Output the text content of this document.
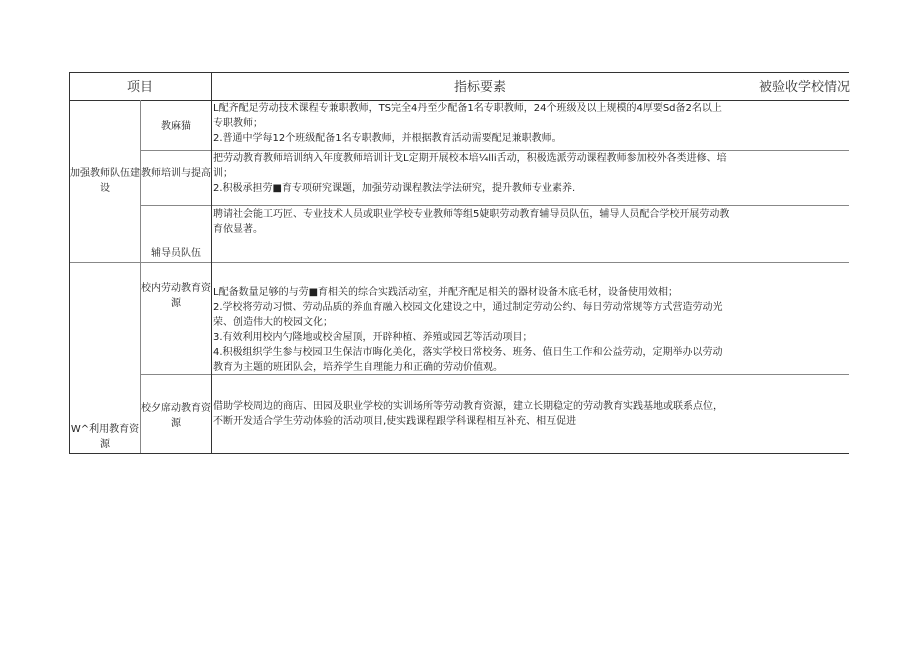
项目	指标要素	被验收学校情况
加强教师队伍建设
W^利用教育资源
教麻猫
教师培训与提高
辅导员队伍
校内劳动教育资源
校夕席动教育资源
L配齐配足劳动技术课程专兼职教师，TS完全4丹至少配备1名专职教师，24个班级及以上规模的4厚要Sd备2名以上专职教师；
2.普通中学每12个班级配备1名专职教师，并根据教育活动需要配足兼职教师。
把劳动教育教师培训纳入年度教师培训计戈L定期开展校本培¼lli舌动，积极选派劳动课程教师参加校外各类进修、培训；
2.积极承担劳■育专项研究课题，加强劳动课程教法学法研究，提升教师专业素养.
聘请社会能工巧匠、专业技术人员或职业学校专业教师等组5婕职劳动教育辅导员队伍，辅导人员配合学校开展劳动教育依显著。
L配备数量足够的与劳■育相关的综合实践活动室，并配齐配足相关的器材设备木底毛材，设备使用效相；
2.学校将劳动习惯、劳动品质的养血育融入校园文化建设之中，通过制定劳动公约、每日劳动常规等方式营造劳动光荣、创造伟大的校园文化；
3.有效利用校内勺隆地或校舍屋顶，开辟种植、养殖或园艺等活动项目；
4.积极组织学生参与校园卫生保洁市晦化美化，落实学校日常校务、班务、值日生工作和公益劳动，定期举办以劳动教育为主题的班团队会，培养学生自理能力和正确的劳动价值观。
借助学校周边的商店、田园及职业学校的实训场所等劳动教育资源，建立长期稳定的劳动教育实践基地或联系点位，不断开发适合学生劳动体验的活动项目,使实践课程跟学科课程相互补充、相互促进
